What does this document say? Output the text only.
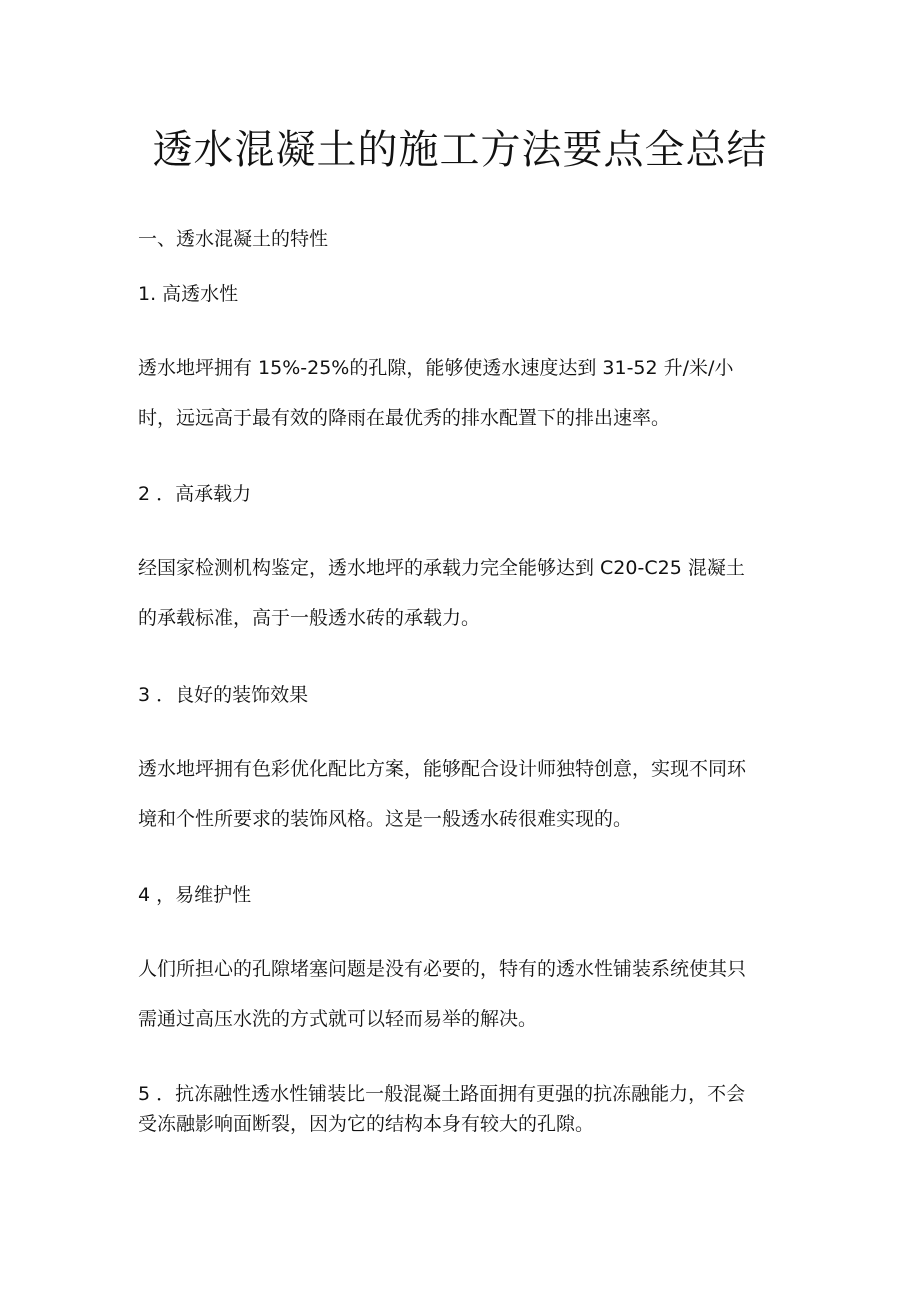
透水混凝土的施工方法要点全总结

一、透水混凝土的特性

1. 高透水性

透水地坪拥有 15%-25%的孔隙，能够使透水速度达到 31-52 升/米/小

时，远远高于最有效的降雨在最优秀的排水配置下的排出速率。

2 ．高承载力

经国家检测机构鉴定，透水地坪的承载力完全能够达到 C20-C25 混凝土

的承载标准，高于一般透水砖的承载力。

3 ．良好的装饰效果

透水地坪拥有色彩优化配比方案，能够配合设计师独特创意，实现不同环

境和个性所要求的装饰风格。这是一般透水砖很难实现的。

4 ，易维护性

人们所担心的孔隙堵塞问题是没有必要的，特有的透水性铺装系统使其只

需通过高压水洗的方式就可以轻而易举的解决。

5 ．抗冻融性透水性铺装比一般混凝土路面拥有更强的抗冻融能力，不会

受冻融影响面断裂，因为它的结构本身有较大的孔隙。
